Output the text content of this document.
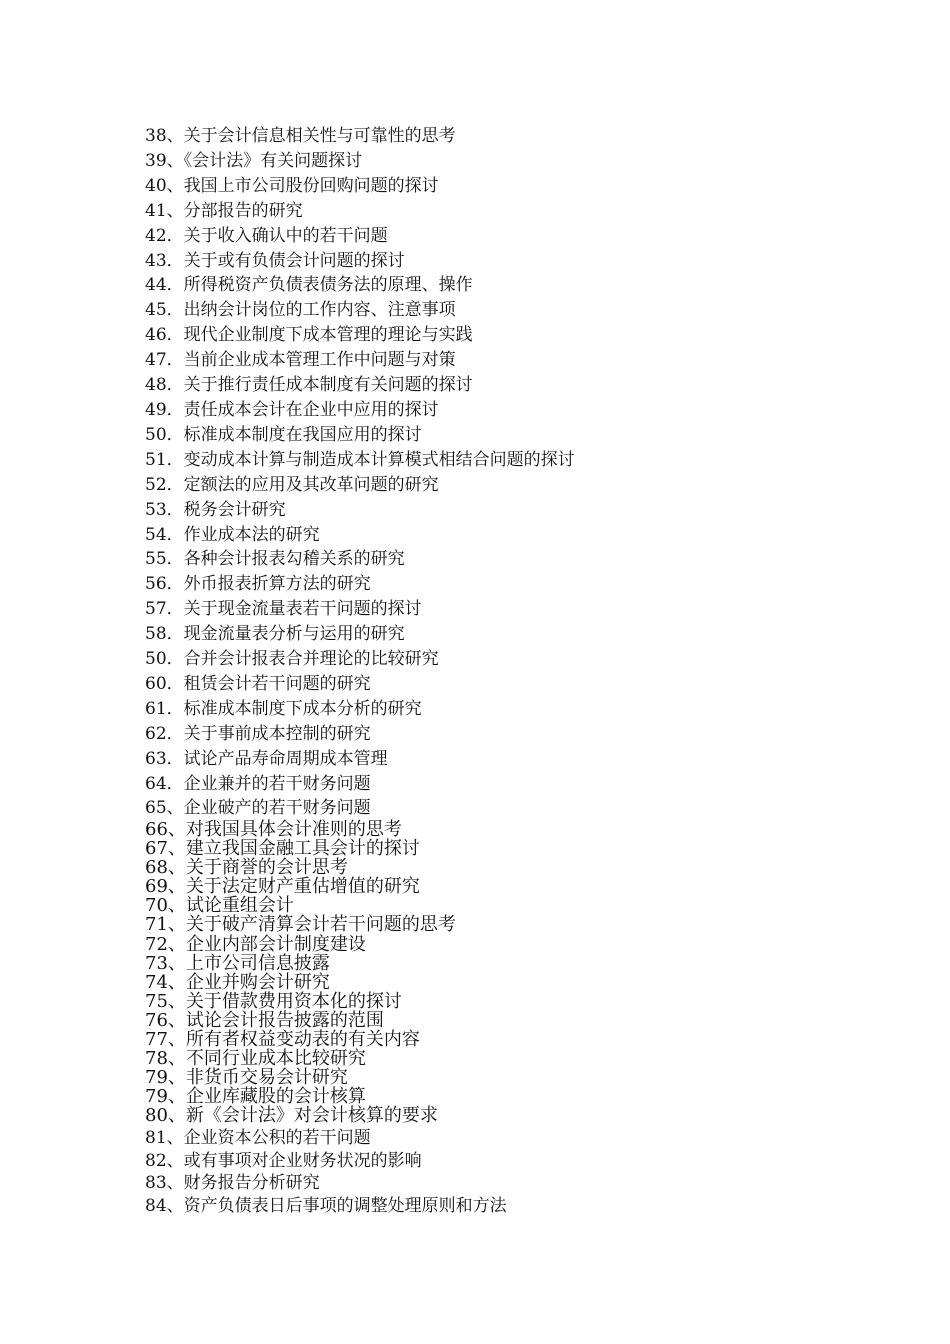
38、关于会计信息相关性与可靠性的思考
39、《会计法》有关问题探讨
40、我国上市公司股份回购问题的探讨
41、分部报告的研究
42．关于收入确认中的若干问题
43．关于或有负债会计问题的探讨
44．所得税资产负债表债务法的原理、操作
45．出纳会计岗位的工作内容、注意事项
46．现代企业制度下成本管理的理论与实践
47．当前企业成本管理工作中问题与对策
48．关于推行责任成本制度有关问题的探讨
49．责任成本会计在企业中应用的探讨
50．标准成本制度在我国应用的探讨
51．变动成本计算与制造成本计算模式相结合问题的探讨
52．定额法的应用及其改革问题的研究
53．税务会计研究
54．作业成本法的研究
55．各种会计报表勾稽关系的研究
56．外币报表折算方法的研究
57．关于现金流量表若干问题的探讨
58．现金流量表分析与运用的研究
50．合并会计报表合并理论的比较研究
60．租赁会计若干问题的研究
61．标准成本制度下成本分析的研究
62．关于事前成本控制的研究
63．试论产品寿命周期成本管理
64．企业兼并的若干财务问题
65、企业破产的若干财务问题
66、对我国具体会计准则的思考
67、建立我国金融工具会计的探讨
68、关于商誉的会计思考
69、关于法定财产重估增值的研究
70、试论重组会计
71、关于破产清算会计若干问题的思考
72、企业内部会计制度建设
73、上市公司信息披露
74、企业并购会计研究
75、关于借款费用资本化的探讨
76、试论会计报告披露的范围
77、所有者权益变动表的有关内容
78、不同行业成本比较研究
79、非货币交易会计研究
79、企业库藏股的会计核算
80、新《会计法》对会计核算的要求
81、企业资本公积的若干问题
82、或有事项对企业财务状况的影响
83、财务报告分析研究
84、资产负债表日后事项的调整处理原则和方法
